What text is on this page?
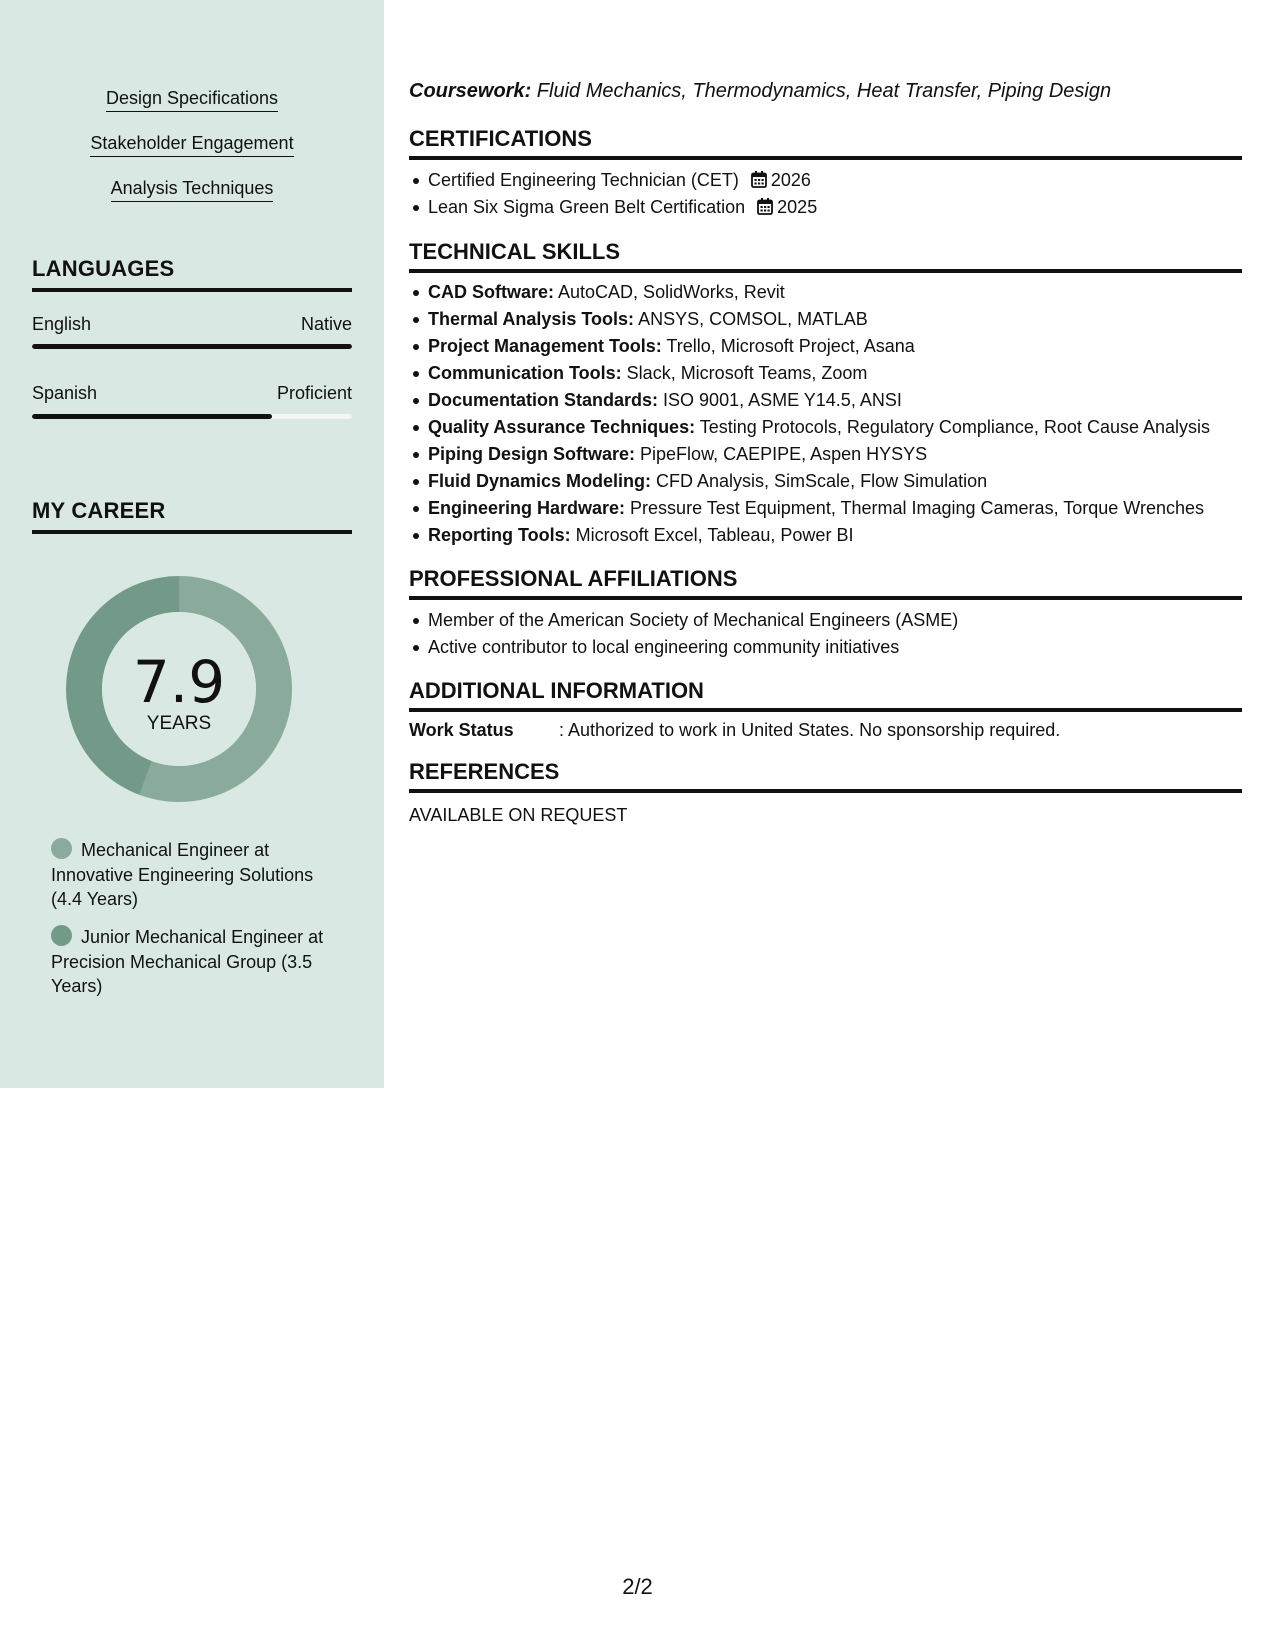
Design Specifications
Stakeholder Engagement
Analysis Techniques
LANGUAGES
English	Native
Spanish	Proficient
MY CAREER
7.9
YEARS
Mechanical Engineer at Innovative Engineering Solutions (4.4 Years)
Junior Mechanical Engineer at Precision Mechanical Group (3.5 Years)
Coursework: Fluid Mechanics, Thermodynamics, Heat Transfer, Piping Design
CERTIFICATIONS
Certified Engineering Technician (CET) 2026
Lean Six Sigma Green Belt Certification 2025
TECHNICAL SKILLS
CAD Software: AutoCAD, SolidWorks, Revit
Thermal Analysis Tools: ANSYS, COMSOL, MATLAB
Project Management Tools: Trello, Microsoft Project, Asana
Communication Tools: Slack, Microsoft Teams, Zoom
Documentation Standards: ISO 9001, ASME Y14.5, ANSI
Quality Assurance Techniques: Testing Protocols, Regulatory Compliance, Root Cause Analysis
Piping Design Software: PipeFlow, CAEPIPE, Aspen HYSYS
Fluid Dynamics Modeling: CFD Analysis, SimScale, Flow Simulation
Engineering Hardware: Pressure Test Equipment, Thermal Imaging Cameras, Torque Wrenches
Reporting Tools: Microsoft Excel, Tableau, Power BI
PROFESSIONAL AFFILIATIONS
Member of the American Society of Mechanical Engineers (ASME)
Active contributor to local engineering community initiatives
ADDITIONAL INFORMATION
Work Status	: Authorized to work in United States. No sponsorship required.
REFERENCES
AVAILABLE ON REQUEST
2/2
